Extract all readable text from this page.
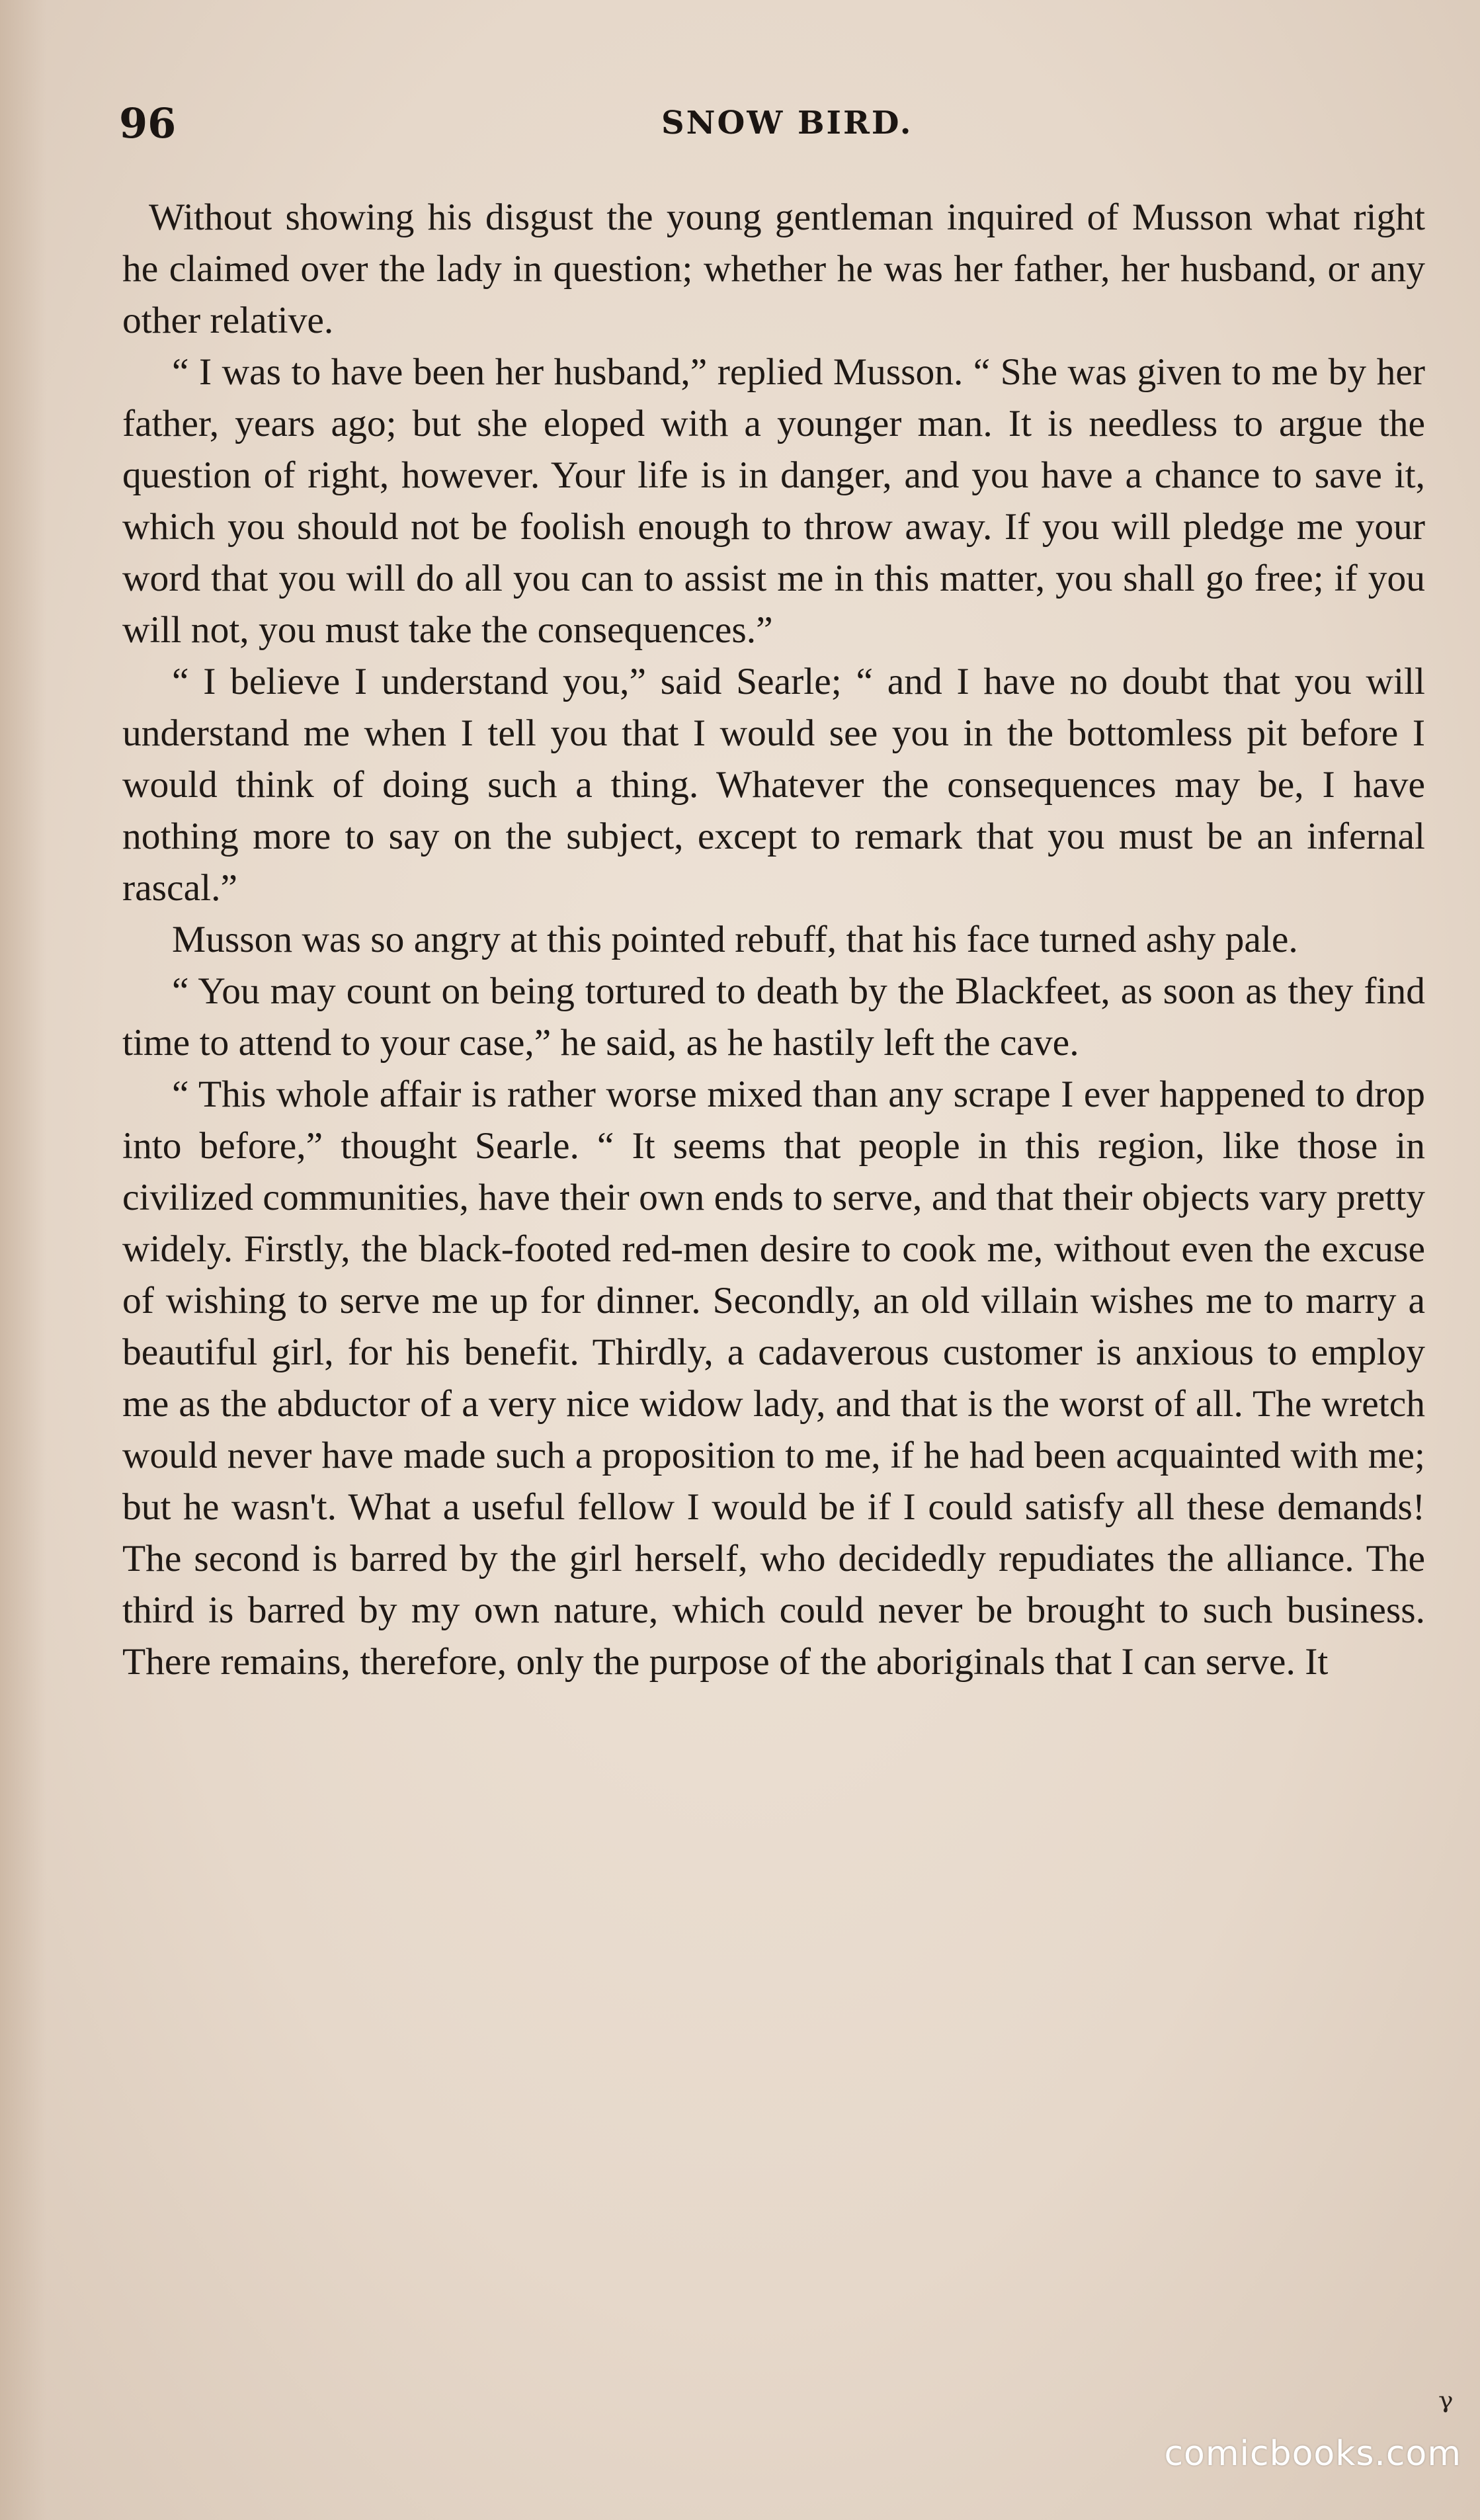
96	SNOW BIRD.

Without showing his disgust the young gentleman inquired of Musson what right he claimed over the lady in question; whether he was her father, her husband, or any other relative.

“ I was to have been her husband,” replied Musson. “ She was given to me by her father, years ago; but she eloped with a younger man. It is needless to argue the question of right, however. Your life is in danger, and you have a chance to save it, which you should not be foolish enough to throw away. If you will pledge me your word that you will do all you can to assist me in this matter, you shall go free; if you will not, you must take the consequences.”

“ I believe I understand you,” said Searle; “ and I have no doubt that you will understand me when I tell you that I would see you in the bottomless pit before I would think of doing such a thing. Whatever the consequences may be, I have nothing more to say on the subject, except to remark that you must be an infernal rascal.”

Musson was so angry at this pointed rebuff, that his face turned ashy pale.

“ You may count on being tortured to death by the Blackfeet, as soon as they find time to attend to your case,” he said, as he hastily left the cave.

“ This whole affair is rather worse mixed than any scrape I ever happened to drop into before,” thought Searle. “ It seems that people in this region, like those in civilized communities, have their own ends to serve, and that their objects vary pretty widely. Firstly, the black-footed red-men desire to cook me, without even the excuse of wishing to serve me up for dinner. Secondly, an old villain wishes me to marry a beautiful girl, for his benefit. Thirdly, a cadaverous customer is anxious to employ me as the abductor of a very nice widow lady, and that is the worst of all. The wretch would never have made such a proposition to me, if he had been acquainted with me; but he wasn't. What a useful fellow I would be if I could satisfy all these demands! The second is barred by the girl herself, who decidedly repudiates the alliance. The third is barred by my own nature, which could never be brought to such business. There remains, therefore, only the purpose of the aboriginals that I can serve. It

ᵞ
comicbooks.com
